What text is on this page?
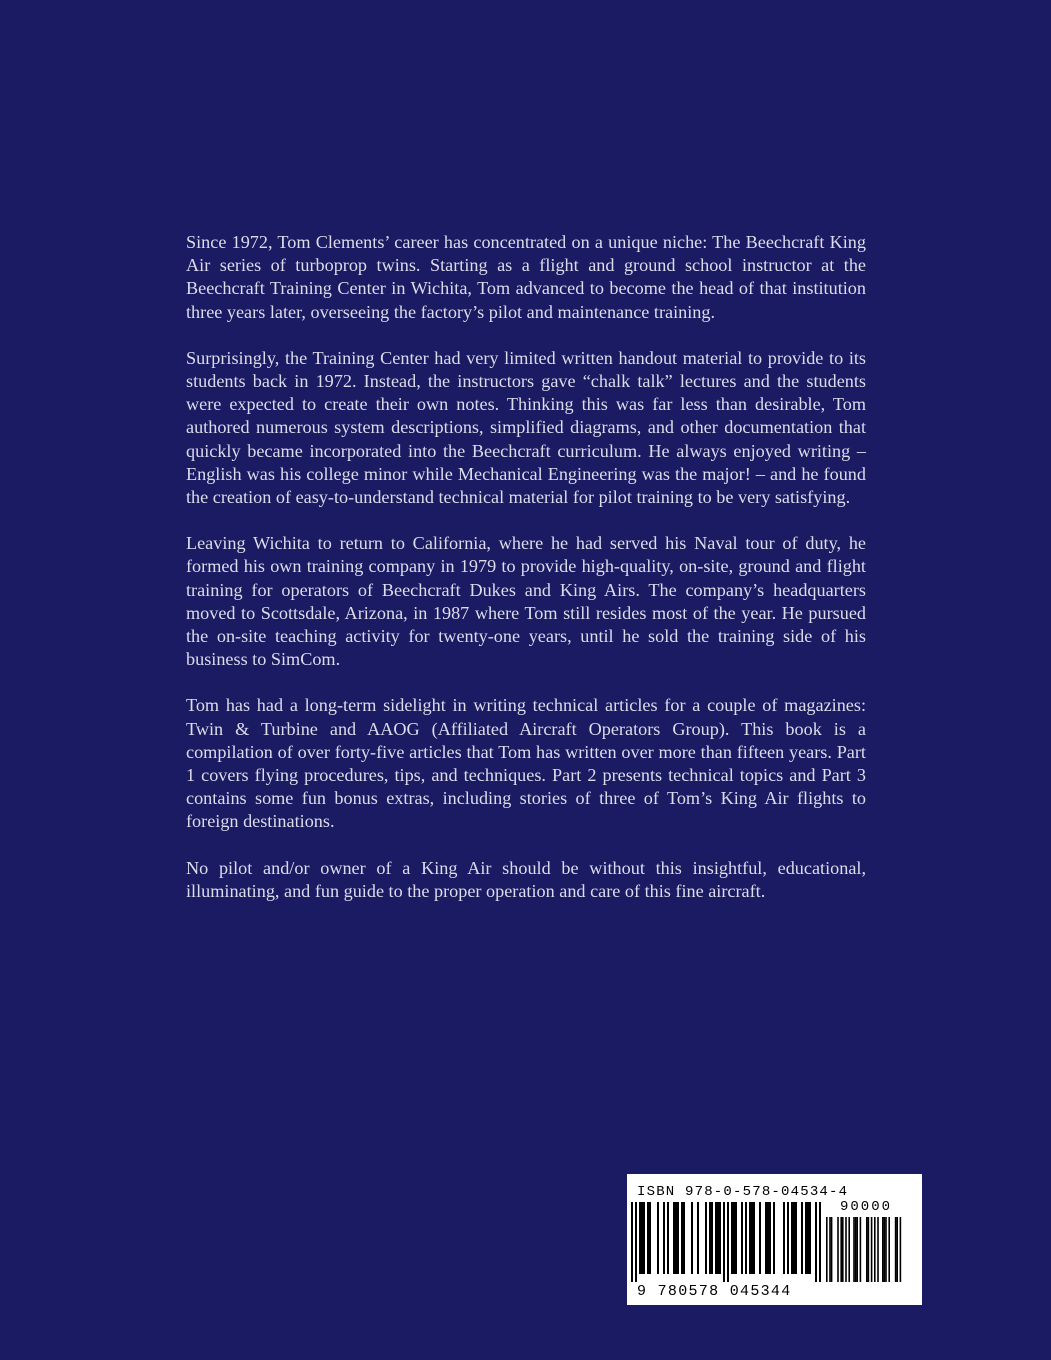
Since 1972, Tom Clements’ career has concentrated on a unique niche: The Beechcraft King Air series of turboprop twins. Starting as a flight and ground school instructor at the Beechcraft Training Center in Wichita, Tom advanced to become the head of that institution three years later, overseeing the factory’s pilot and maintenance training.

Surprisingly, the Training Center had very limited written handout material to provide to its students back in 1972. Instead, the instructors gave “chalk talk” lectures and the students were expected to create their own notes. Thinking this was far less than desirable, Tom authored numerous system descriptions, simplified diagrams, and other documentation that quickly became incorporated into the Beechcraft curriculum. He always enjoyed writing – English was his college minor while Mechanical Engineering was the major! – and he found the creation of easy-to-understand technical material for pilot training to be very satisfying.

Leaving Wichita to return to California, where he had served his Naval tour of duty, he formed his own training company in 1979 to provide high-quality, on-site, ground and flight training for operators of Beechcraft Dukes and King Airs. The company’s headquarters moved to Scottsdale, Arizona, in 1987 where Tom still resides most of the year. He pursued the on-site teaching activity for twenty-one years, until he sold the training side of his business to SimCom.

Tom has had a long-term sidelight in writing technical articles for a couple of magazines: Twin & Turbine and AAOG (Affiliated Aircraft Operators Group). This book is a compilation of over forty-five articles that Tom has written over more than fifteen years. Part 1 covers flying procedures, tips, and techniques. Part 2 presents technical topics and Part 3 contains some fun bonus extras, including stories of three of Tom’s King Air flights to foreign destinations.

No pilot and/or owner of a King Air should be without this insightful, educational, illuminating, and fun guide to the proper operation and care of this fine aircraft.

ISBN 978-0-578-04534-4
90000
9 780578 045344
